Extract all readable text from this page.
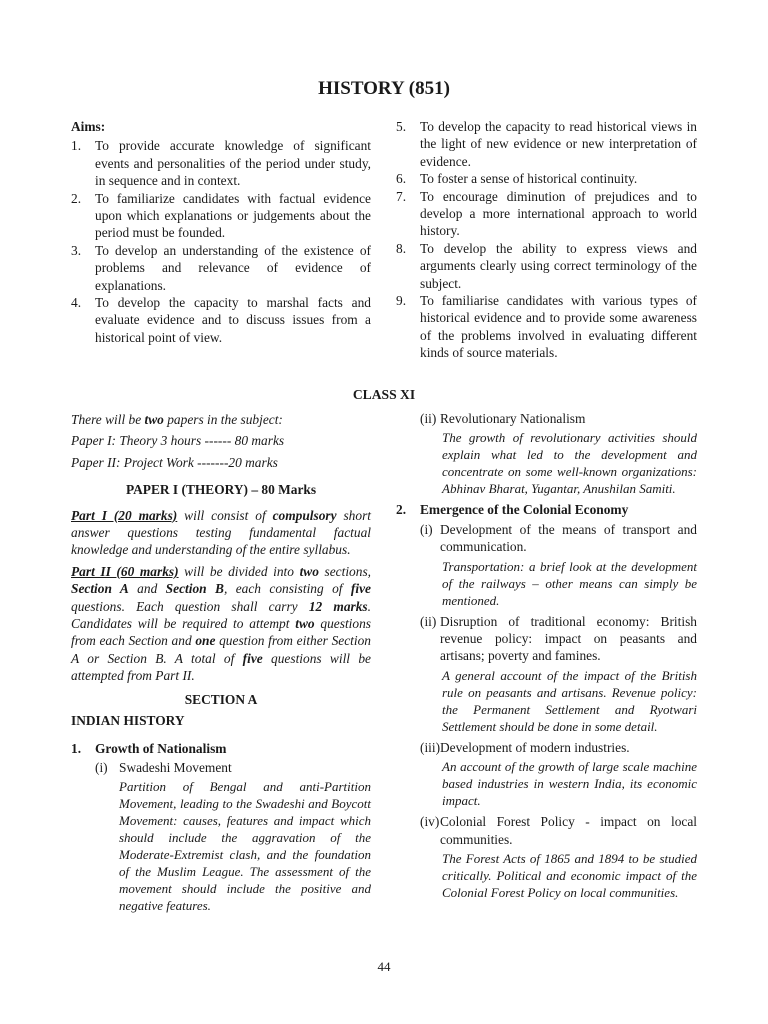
HISTORY (851)
Aims:
1.	To provide accurate knowledge of significant events and personalities of the period under study, in sequence and in context.
2.	To familiarize candidates with factual evidence upon which explanations or judgements about the period must be founded.
3.	To develop an understanding of the existence of problems and relevance of evidence of explanations.
4.	To develop the capacity to marshal facts and evaluate evidence and to discuss issues from a historical point of view.
5.	To develop the capacity to read historical views in the light of new evidence or new interpretation of evidence.
6.	To foster a sense of historical continuity.
7.	To encourage diminution of prejudices and to develop a more international approach to world history.
8.	To develop the ability to express views and arguments clearly using correct terminology of the subject.
9.	To familiarise candidates with various types of historical evidence and to provide some awareness of the problems involved in evaluating different kinds of source materials.
CLASS XI

There will be two papers in the subject:

Paper I: Theory 3 hours ------ 80 marks

Paper II: Project Work -------20 marks

PAPER I (THEORY) – 80 Marks

Part I (20 marks) will consist of compulsory short answer questions testing fundamental factual knowledge and understanding of the entire syllabus.

Part II (60 marks) will be divided into two sections, Section A and Section B, each consisting of five questions. Each question shall carry 12 marks. Candidates will be required to attempt two questions from each Section and one question from either Section A or Section B. A total of five questions will be attempted from Part II.

SECTION A
INDIAN HISTORY
1.	Growth of Nationalism
(i) Swadeshi Movement
Partition of Bengal and anti-Partition Movement, leading to the Swadeshi and Boycott Movement: causes, features and impact which should include the aggravation of the Moderate-Extremist clash, and the foundation of the Muslim League. The assessment of the movement should include the positive and negative features.
(ii) Revolutionary Nationalism
The growth of revolutionary activities should explain what led to the development and concentrate on some well-known organizations: Abhinav Bharat, Yugantar, Anushilan Samiti.
2.	Emergence of the Colonial Economy
(i) Development of the means of transport and communication.
Transportation: a brief look at the development of the railways – other means can simply be mentioned.
(ii) Disruption of traditional economy: British revenue policy: impact on peasants and artisans; poverty and famines.
A general account of the impact of the British rule on peasants and artisans. Revenue policy: the Permanent Settlement and Ryotwari Settlement should be done in some detail.
(iii) Development of modern industries.
An account of the growth of large scale machine based industries in western India, its economic impact.
(iv) Colonial Forest Policy - impact on local communities.
The Forest Acts of 1865 and 1894 to be studied critically. Political and economic impact of the Colonial Forest Policy on local communities.
44
